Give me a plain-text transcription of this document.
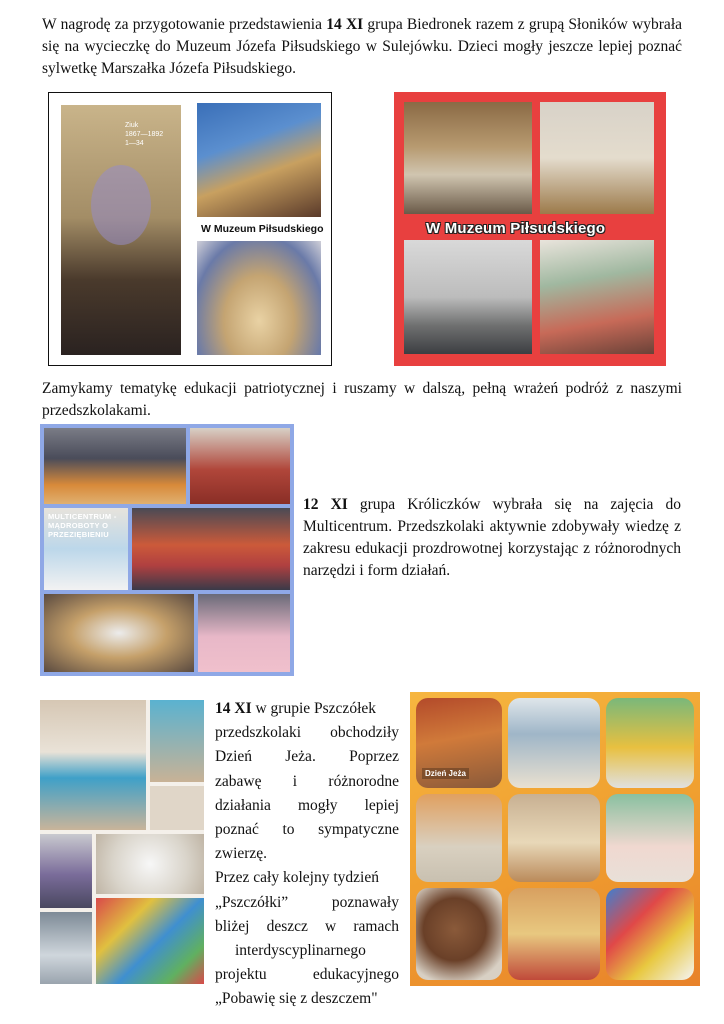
W nagrodę za przygotowanie przedstawienia 14 XI grupa Biedronek razem z grupą Słoników wybrała się na wycieczkę do Muzeum Józefa Piłsudskiego w Sulejówku. Dzieci mogły jeszcze lepiej poznać sylwetkę Marszałka Józefa Piłsudskiego.

Ziuk
1867—1892
1—34
W Muzeum Piłsudskiego	W Muzeum Piłsudskiego

Zamykamy tematykę edukacji patriotycznej i ruszamy w dalszą, pełną wrażeń podróż z naszymi przedszkolakami.

MULTICENTRUM - MĄDROBOTY O PRZEZIĘBIENIU

12 XI grupa Króliczków wybrała się na zajęcia do Multicentrum. Przedszkolaki aktywnie zdobywały wiedzę z zakresu edukacji prozdrowotnej korzystając z różnorodnych narzędzi i form działań.

14 XI w grupie Pszczółek
przedszkolaki obchodziły
Dzień Jeża. Poprzez
zabawę i różnorodne
działania mogły lepiej
poznać to sympatyczne
zwierzę.
Przez cały kolejny tydzień
„Pszczółki” poznawały
bliżej deszcz w ramach
interdyscyplinarnego
projektu edukacyjnego
„Pobawię się z deszczem"
Dzień Jeża
